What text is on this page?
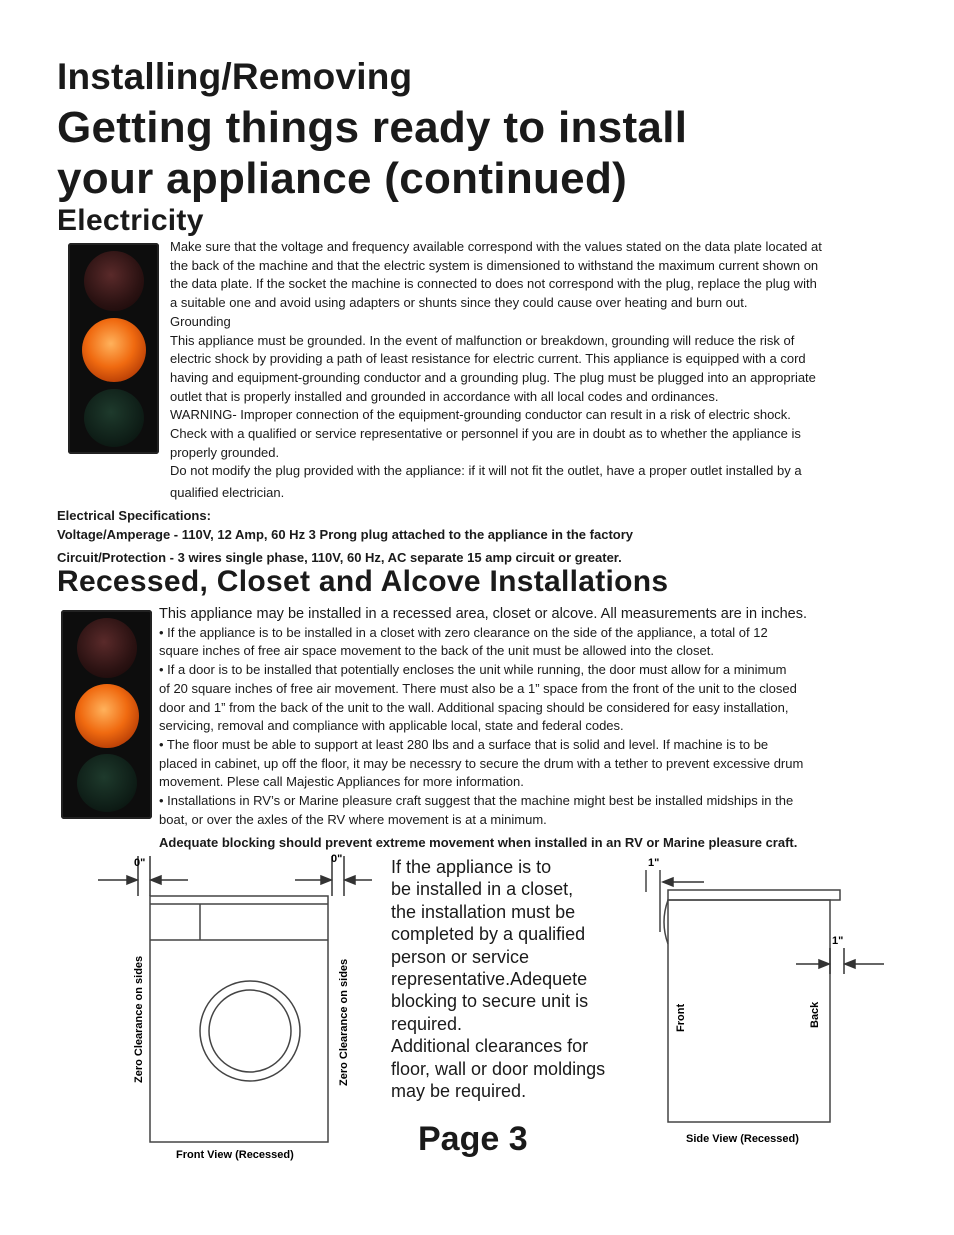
Installing/Removing
Getting things ready to install
your appliance (continued)
Electricity
Make sure that the voltage and frequency available correspond with the values stated on the data plate located at
the back of the machine and that the electric system is dimensioned to withstand the maximum current shown on
the data plate. If the socket the machine is connected to does not correspond with the plug, replace the plug with
a suitable one and avoid using adapters or shunts since they could cause over heating and burn out.
Grounding
This appliance must be grounded. In the event of malfunction or breakdown, grounding will reduce the risk of
electric shock by providing a path of least resistance for electric current. This appliance is equipped with a cord
having and equipment-grounding conductor and a grounding plug. The plug must be plugged into an appropriate
outlet that is properly installed and grounded in accordance with all local codes and ordinances.
WARNING- Improper connection of the equipment-grounding conductor can result in a risk of electric shock.
Check with a qualified or service representative or personnel if you are in doubt as to whether the appliance is
properly grounded.
Do not modify the plug provided with the appliance: if it will not fit the outlet, have a proper outlet installed by a
qualified electrician.
Electrical Specifications:
Voltage/Amperage - 110V, 12 Amp, 60 Hz 3 Prong plug attached to the appliance in the factory
Circuit/Protection - 3 wires single phase, 110V, 60 Hz, AC separate 15 amp circuit or greater.
Recessed, Closet and Alcove Installations
This appliance may be installed in a recessed area, closet or alcove. All measurements are in inches.
• If the appliance is to be installed in a closet with zero clearance on the side of the appliance, a total of 12
square inches of free air space movement to the back of the unit must be allowed into the closet.
• If a door is to be installed that potentially encloses the unit while running, the door must allow for a minimum
of 20 square inches of free air movement. There must also be a 1” space from the front of the unit to the closed
door and 1” from the back of the unit to the wall. Additional spacing should be considered for easy installation,
servicing, removal and compliance with applicable local, state and federal codes.
• The floor must be able to support at least 280 lbs and a surface that is solid and level. If machine is to be
placed in cabinet, up off the floor, it may be necessry to secure the drum with a tether to prevent excessive drum
movement. Plese call Majestic Appliances for more information.
• Installations in RV’s or Marine pleasure craft suggest that the machine might best be installed midships in the
boat, or over the axles of the RV where movement is at a minimum.
Adequate blocking should prevent extreme movement when installed in an RV or Marine pleasure craft.
0"	0"
Zero Clearance on sides	Zero Clearance on sides
Front View (Recessed)
If the appliance is to
be installed in a closet,
the installation must be
completed by a qualified
person or service
representative.Adequete
blocking to secure unit is
required.
Additional clearances for
floor, wall or door moldings
may be required.
1"
1"
Front	Back
Side View (Recessed)
Page 3
